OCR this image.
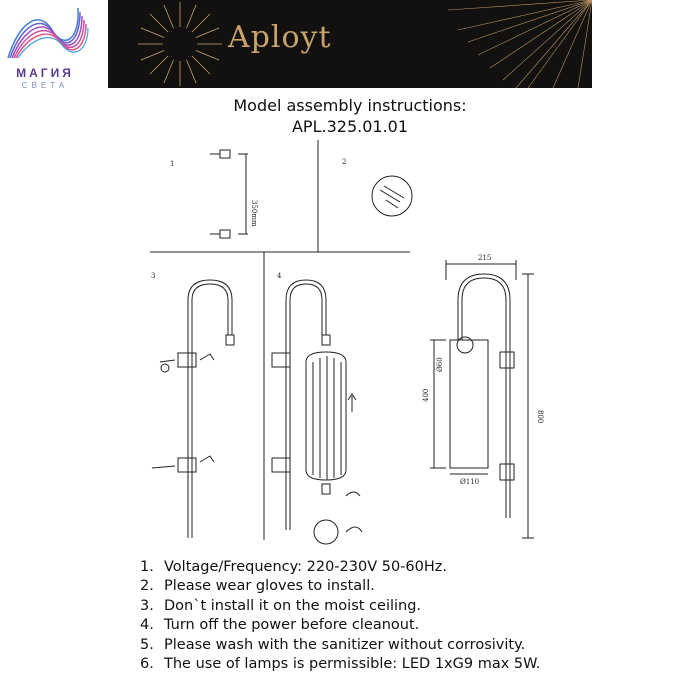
МАГИЯ
СВЕТА
Aployt
Model assembly instructions:
APL.325.01.01
1	2
3	4
350mm
215
800
400
Ø60
Ø110
1. Voltage/Frequency: 220-230V 50-60Hz.
2. Please wear gloves to install.
3. Don`t install it on the moist ceiling.
4. Turn off the power before cleanout.
5. Please wash with the sanitizer without corrosivity.
6. The use of lamps is permissible: LED 1xG9 max 5W.
